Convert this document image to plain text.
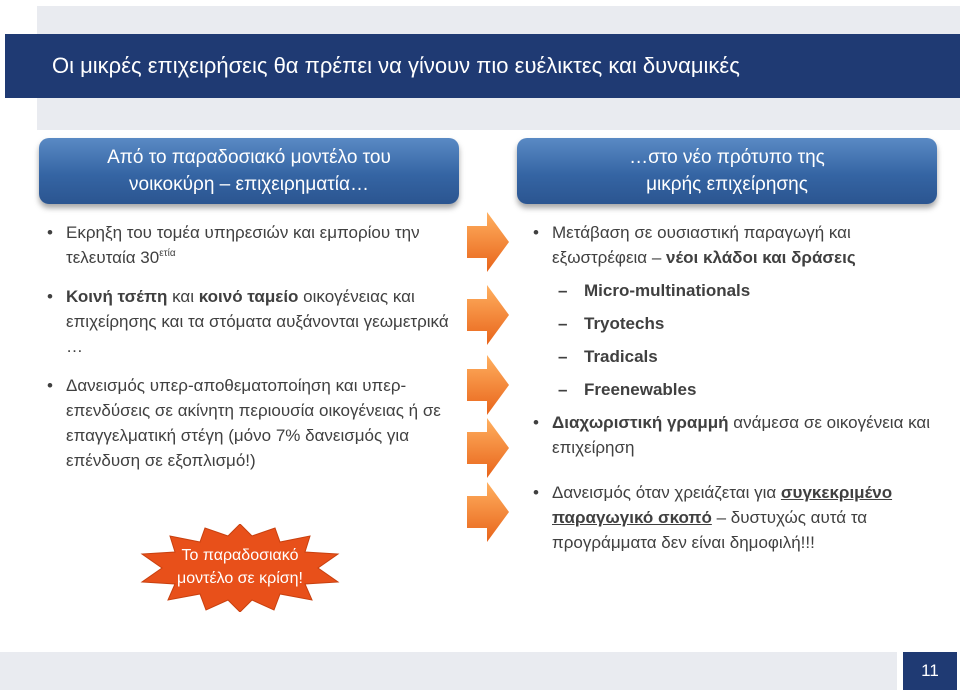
Οι μικρές επιχειρήσεις θα πρέπει να γίνουν πιο ευέλικτες και δυναμικές
Από το παραδοσιακό μοντέλο του
νοικοκύρη – επιχειρηματία…
…στο νέο πρότυπο της
μικρής επιχείρησης
• Εκρηξη του τομέα υπηρεσιών και εμπορίου την τελευταία $30^{\varepsilon\tau ί\alpha}$
• Κοινή τσέπη και κοινό ταμείο οικογένειας και επιχείρησης και τα στόματα αυξάνονται γεωμετρικά …
• Δανεισμός υπερ-αποθεματοποίηση και υπερ-επενδύσεις σε ακίνητη περιουσία οικογένειας ή σε επαγγελματική στέγη (μόνο 7% δανεισμός για επένδυση σε εξοπλισμό!)
Το παραδοσιακό
μοντέλο σε κρίση!
• Μετάβαση σε ουσιαστική παραγωγή και εξωστρέφεια – νέοι κλάδοι και δράσεις
– Micro-multinationals
– Tryotechs
– Tradicals
– Freenewables
• Διαχωριστική γραμμή ανάμεσα σε οικογένεια και επιχείρηση
• Δανεισμός όταν χρειάζεται για συγκεκριμένο παραγωγικό σκοπό – δυστυχώς αυτά τα προγράμματα δεν είναι δημοφιλή!!!
11
